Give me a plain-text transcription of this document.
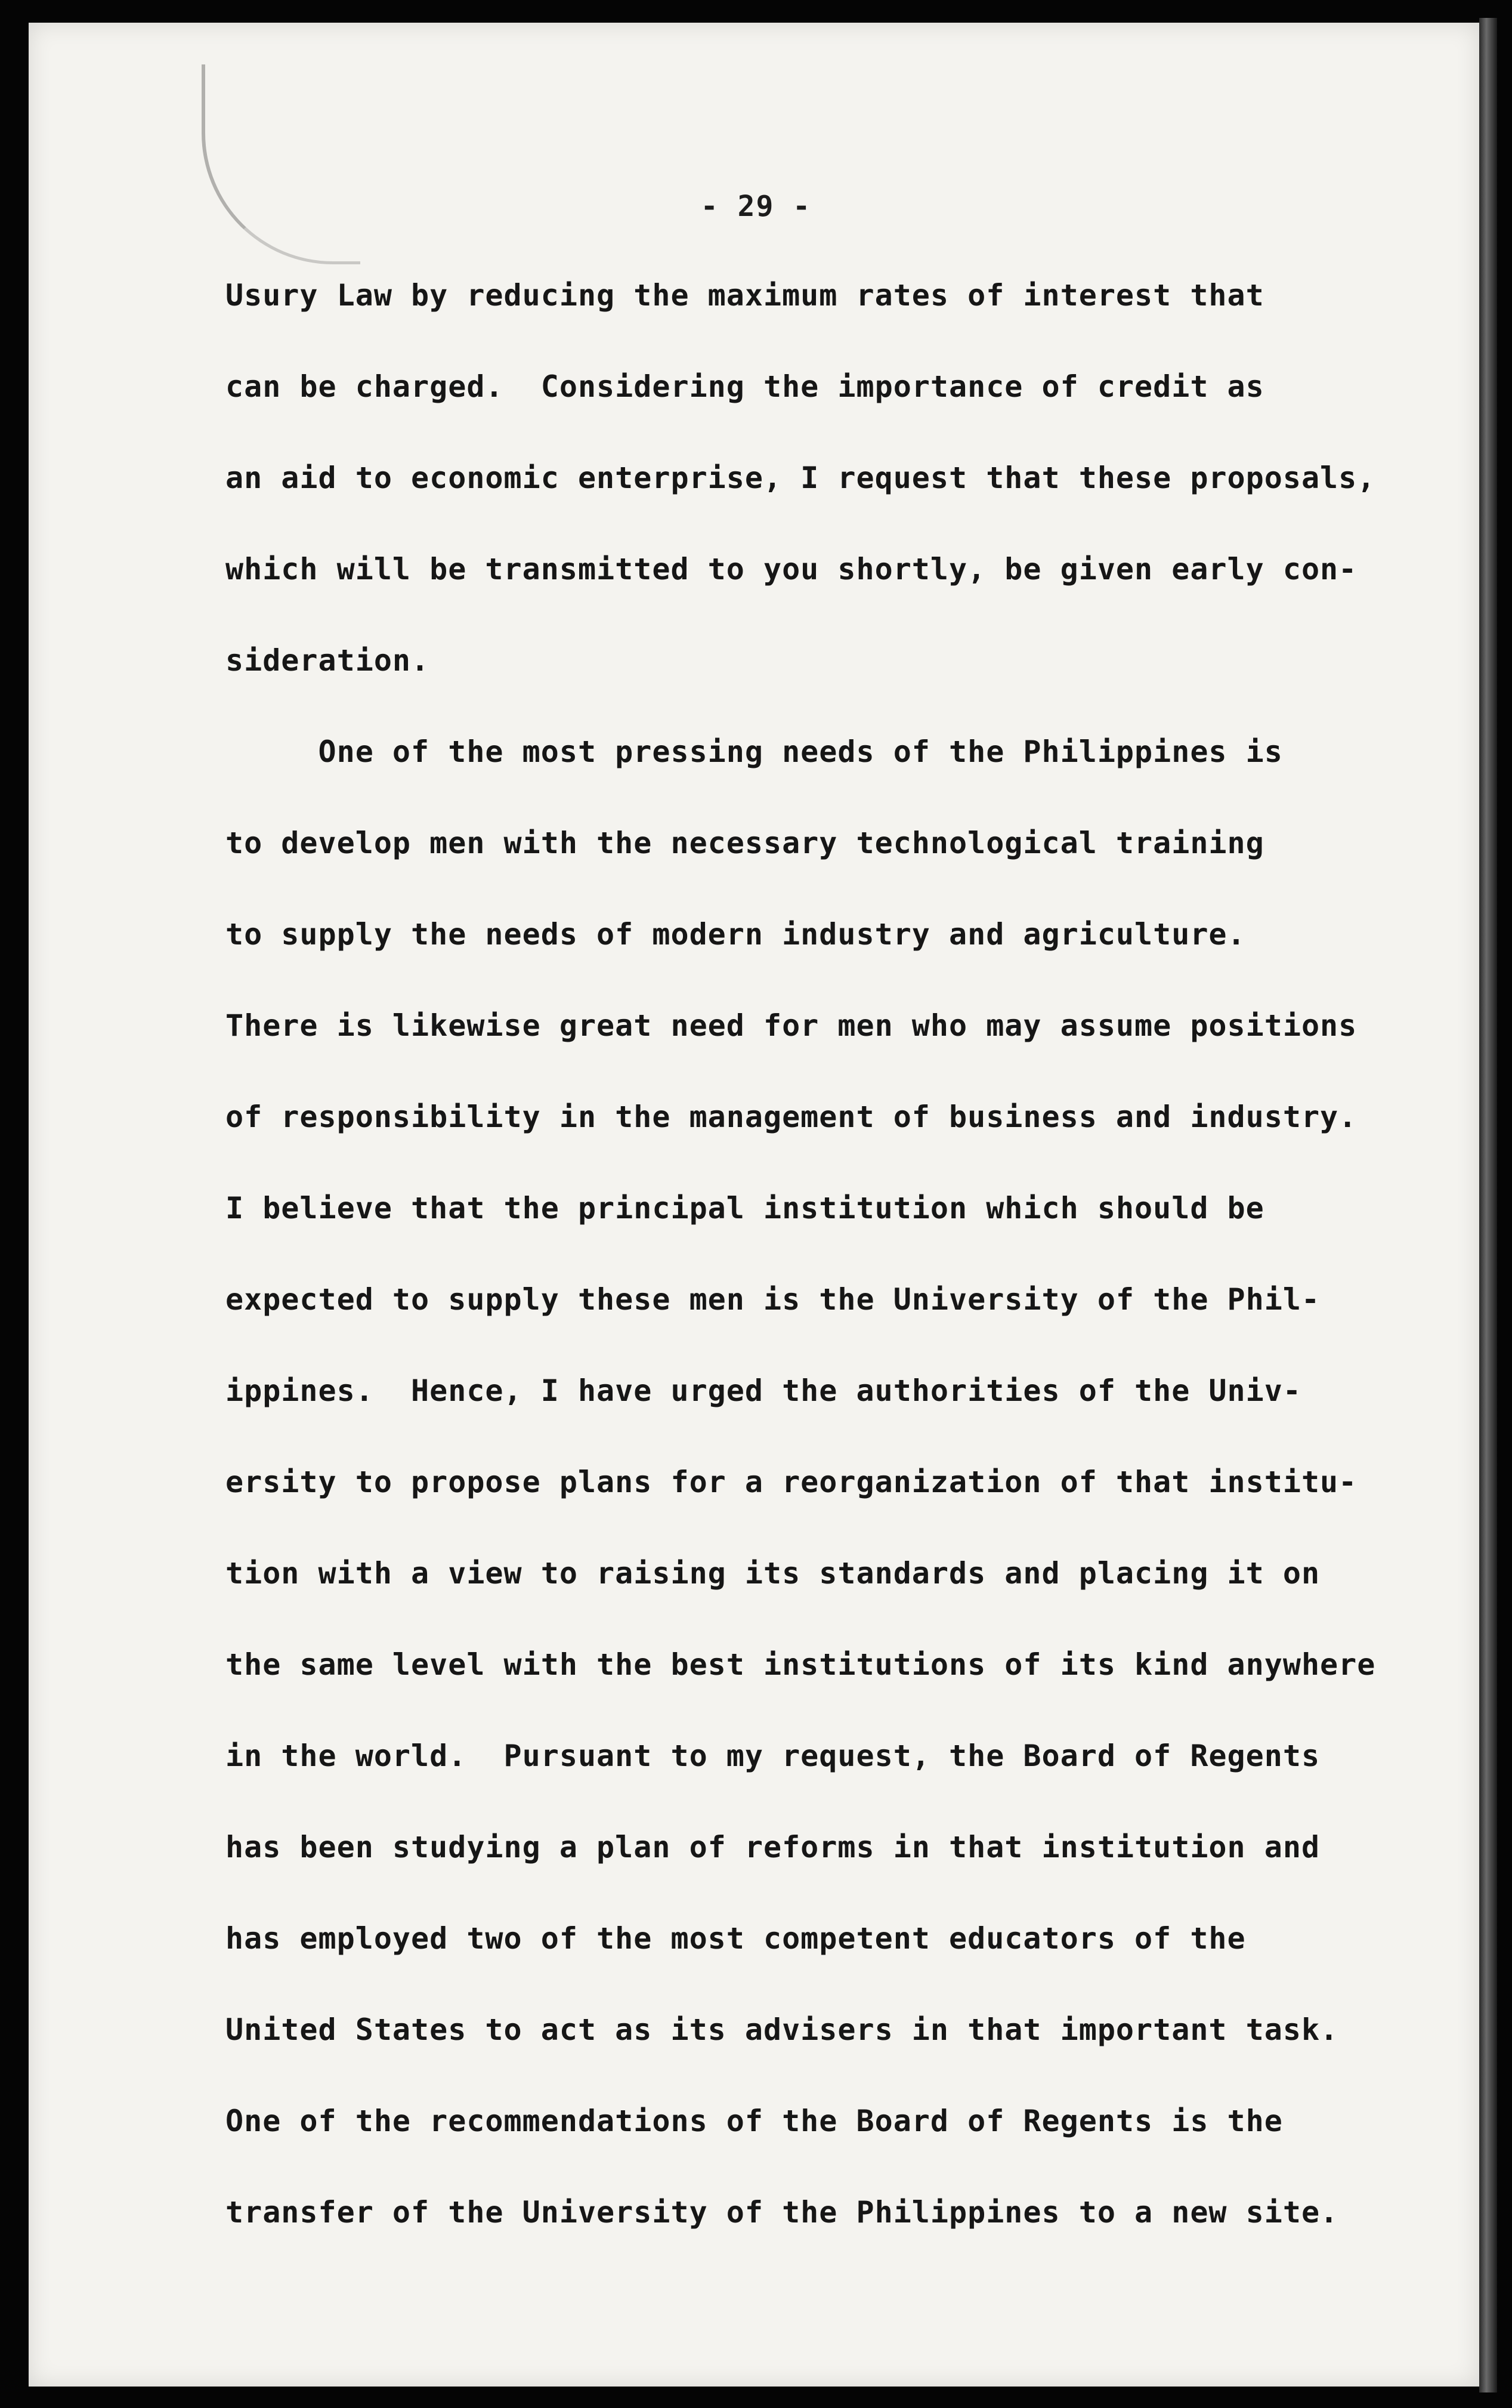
- 29 -
Usury Law by reducing the maximum rates of interest that
can be charged.  Considering the importance of credit as
an aid to economic enterprise, I request that these proposals,
which will be transmitted to you shortly, be given early con-
sideration.
One of the most pressing needs of the Philippines is
to develop men with the necessary technological training
to supply the needs of modern industry and agriculture.
There is likewise great need for men who may assume positions
of responsibility in the management of business and industry.
I believe that the principal institution which should be
expected to supply these men is the University of the Phil-
ippines.  Hence, I have urged the authorities of the Univ-
ersity to propose plans for a reorganization of that institu-
tion with a view to raising its standards and placing it on
the same level with the best institutions of its kind anywhere
in the world.  Pursuant to my request, the Board of Regents
has been studying a plan of reforms in that institution and
has employed two of the most competent educators of the
United States to act as its advisers in that important task.
One of the recommendations of the Board of Regents is the
transfer of the University of the Philippines to a new site.
